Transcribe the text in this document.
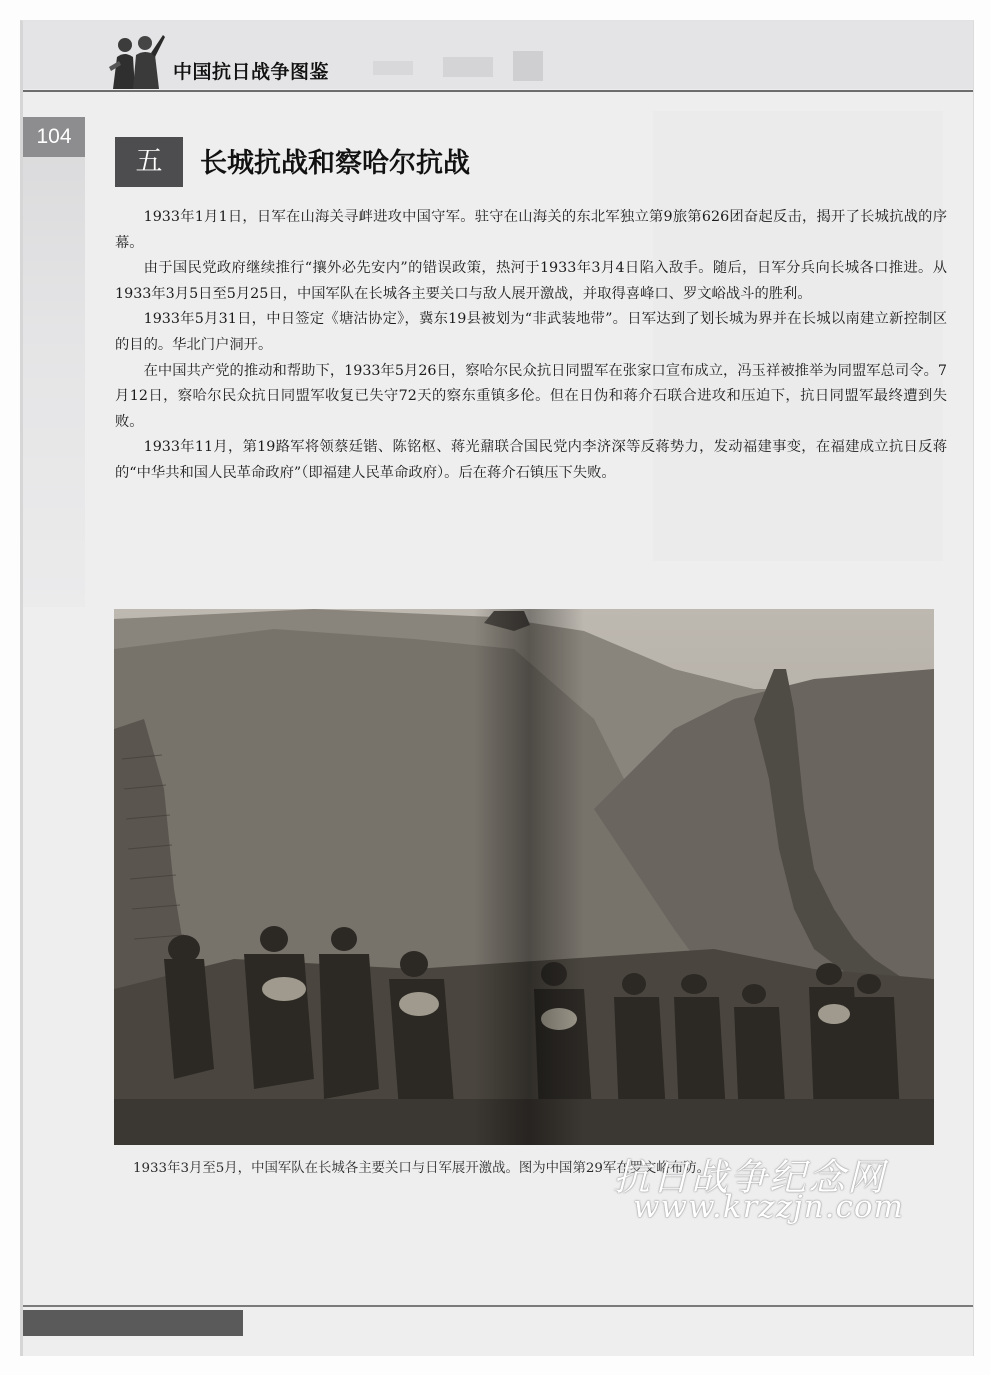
中国抗日战争图鉴
104
五	长城抗战和察哈尔抗战

1933年1月1日，日军在山海关寻衅进攻中国守军。驻守在山海关的东北军独立第9旅第626团奋起反击，揭开了长城抗战的序幕。

由于国民党政府继续推行“攘外必先安内”的错误政策，热河于1933年3月4日陷入敌手。随后，日军分兵向长城各口推进。从1933年3月5日至5月25日，中国军队在长城各主要关口与敌人展开激战，并取得喜峰口、罗文峪战斗的胜利。

1933年5月31日，中日签定《塘沽协定》，冀东19县被划为“非武装地带”。日军达到了划长城为界并在长城以南建立新控制区的目的。华北门户洞开。

在中国共产党的推动和帮助下，1933年5月26日，察哈尔民众抗日同盟军在张家口宣布成立，冯玉祥被推举为同盟军总司令。7月12日，察哈尔民众抗日同盟军收复已失守72天的察东重镇多伦。但在日伪和蒋介石联合进攻和压迫下，抗日同盟军最终遭到失败。

1933年11月，第19路军将领蔡廷锴、陈铭枢、蒋光鼐联合国民党内李济深等反蒋势力，发动福建事变，在福建成立抗日反蒋的“中华共和国人民革命政府”（即福建人民革命政府）。后在蒋介石镇压下失败。

1933年3月至5月，中国军队在长城各主要关口与日军展开激战。图为中国第29军在罗文峪布防。
抗日战争纪念网
www.krzzjn.com
